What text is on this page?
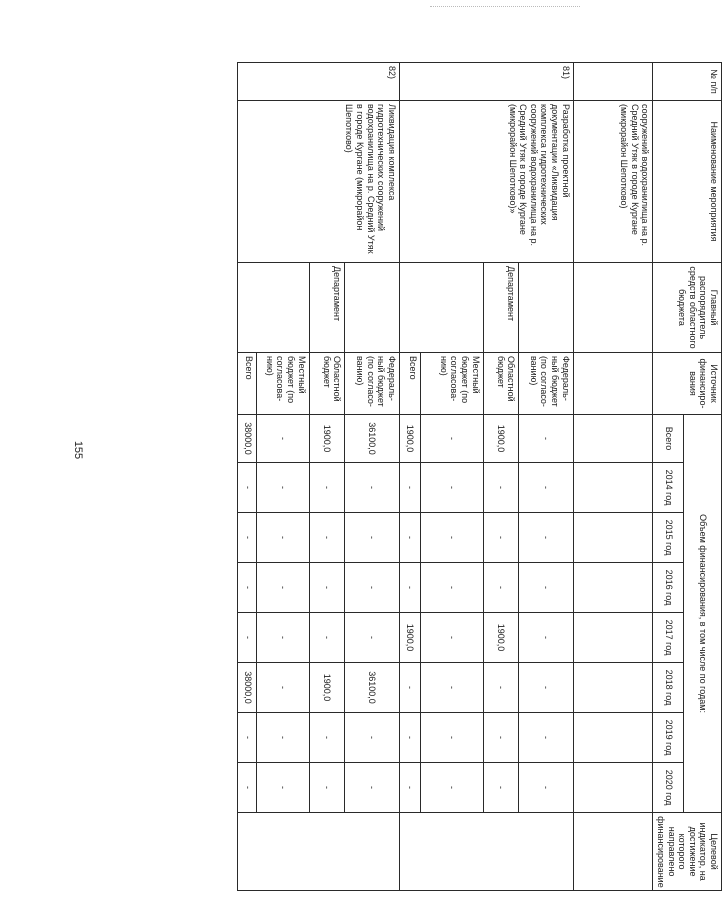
155
№ п/п	Наименование мероприятия	Главный распорядитель средств областного бюджета	Источник финансиро-вания	Объем финансирования, в том числе по годам:								Целевой индикатор, на достижение которого направлено финансирование
				Всего	2014 год	2015 год	2016 год	2017 год	2018 год	2019 год	2020 год	
	сооружений водохранилища на р. Средний Утяк в городе Кургане (микрорайон Шепотково)											
81)	Разработка проектной документации «Ликвидация комплекса гидротехнических сооружений водохранилища на р. Средний Утяк в городе Кургане (микрорайон Шепотково)»		Федераль-ный бюджет (по согласо-ванию)	-	-	-	-	-	-	-	-	
		Департамент	Областной бюджет	1900,0	-	-	-	1900,0	-	-	-	
			Местный бюджет (по согласова-нию)	-	-	-	-	-	-	-	-	
			Всего	1900,0	-	-	-	1900,0	-	-	-	
82)	Ликвидация комплекса гидротехнических сооружений водохранилища на р. Средний Утяк в городе Кургане (микрорайон Шепотково)		Федераль-ный бюджет (по согласо-ванию)	36100,0	-	-	-	-	36100,0	-	-	
		Департамент	Областной бюджет	1900,0	-	-	-	-	1900,0	-	-	
			Местный бюджет (по согласова-нию)	-	-	-	-	-	-	-	-	
			Всего	38000,0	-	-	-	-	38000,0	-	-	
